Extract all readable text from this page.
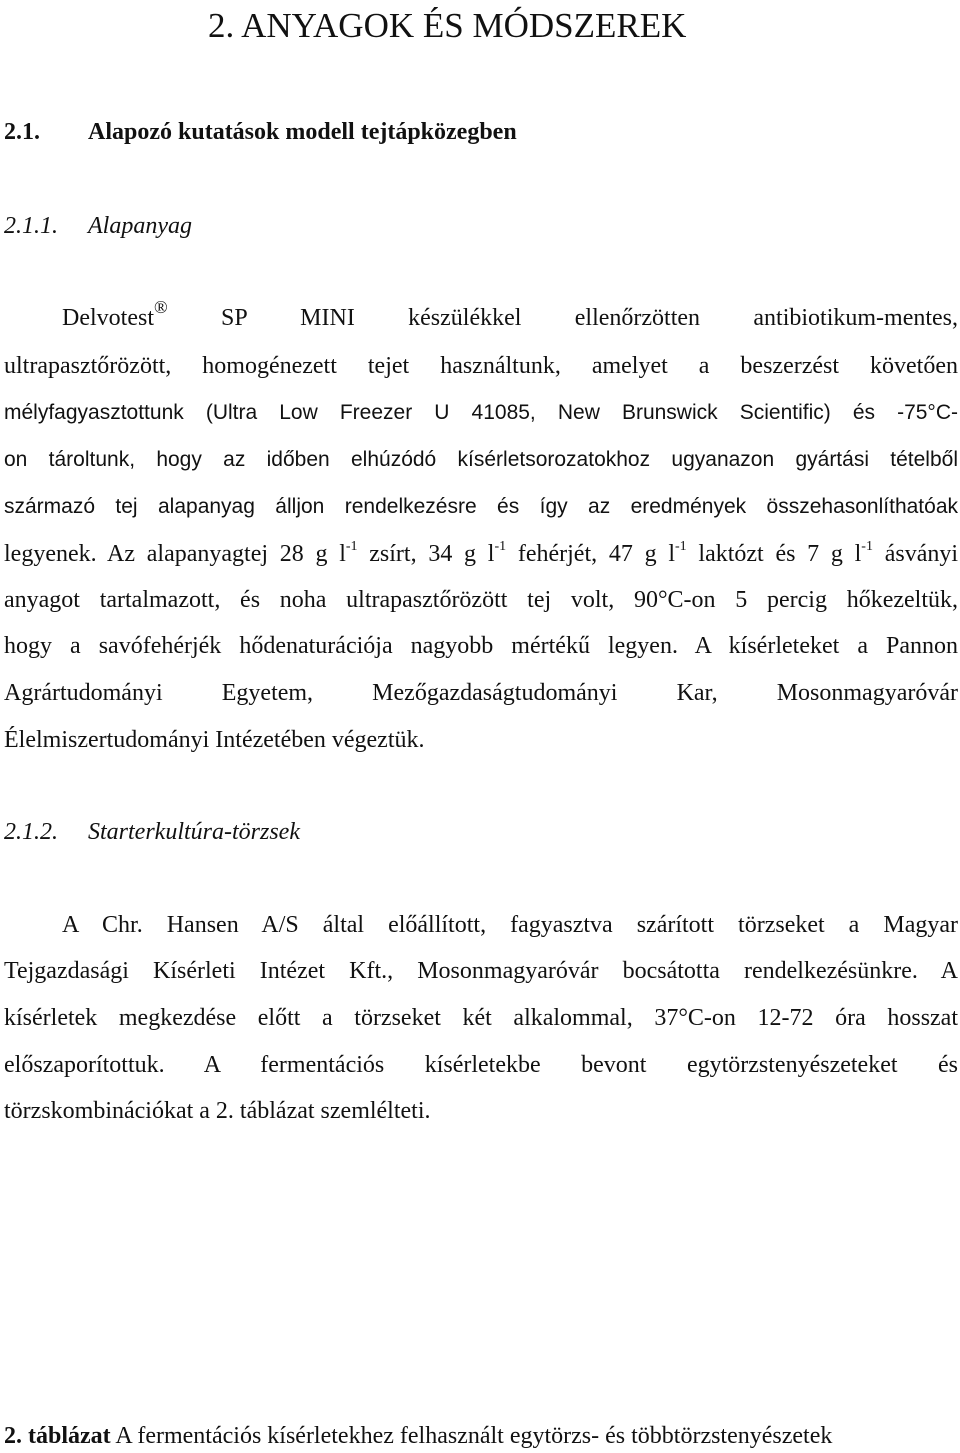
2. ANYAGOK ÉS MÓDSZEREK
2.1. Alapozó kutatások modell tejtápközegben
2.1.1. Alapanyag
Delvotest® SP MINI készülékkel ellenőrzötten antibiotikum-mentes,
ultrapasztőrözött, homogénezett tejet használtunk, amelyet a beszerzést követően
mélyfagyasztottunk (Ultra Low Freezer U 41085, New Brunswick Scientific) és -75°C-
on tároltunk, hogy az időben elhúzódó kísérletsorozatokhoz ugyanazon gyártási tételből
származó tej alapanyag álljon rendelkezésre és így az eredmények összehasonlíthatóak
legyenek. Az alapanyagtej 28 g $l^{-1}$ zsírt, 34 g $l^{-1}$ fehérjét, 47 g $l^{-1}$ laktózt és 7 g $l^{-1}$ ásványi
anyagot tartalmazott, és noha ultrapasztőrözött tej volt, 90°C-on 5 percig hőkezeltük,
hogy a savófehérjék hődenaturációja nagyobb mértékű legyen. A kísérleteket a Pannon
Agrártudományi Egyetem, Mezőgazdaságtudományi Kar, Mosonmagyaróvár
Élelmiszertudományi Intézetében végeztük.
2.1.2. Starterkultúra-törzsek
A Chr. Hansen A/S által előállított, fagyasztva szárított törzseket a Magyar
Tejgazdasági Kísérleti Intézet Kft., Mosonmagyaróvár bocsátotta rendelkezésünkre. A
kísérletek megkezdése előtt a törzseket két alkalommal, 37°C-on 12-72 óra hosszat
előszaporítottuk. A fermentációs kísérletekbe bevont egytörzstenyészeteket és
törzskombinációkat a 2. táblázat szemlélteti.
2. táblázat A fermentációs kísérletekhez felhasznált egytörzs- és többtörzstenyészetek
